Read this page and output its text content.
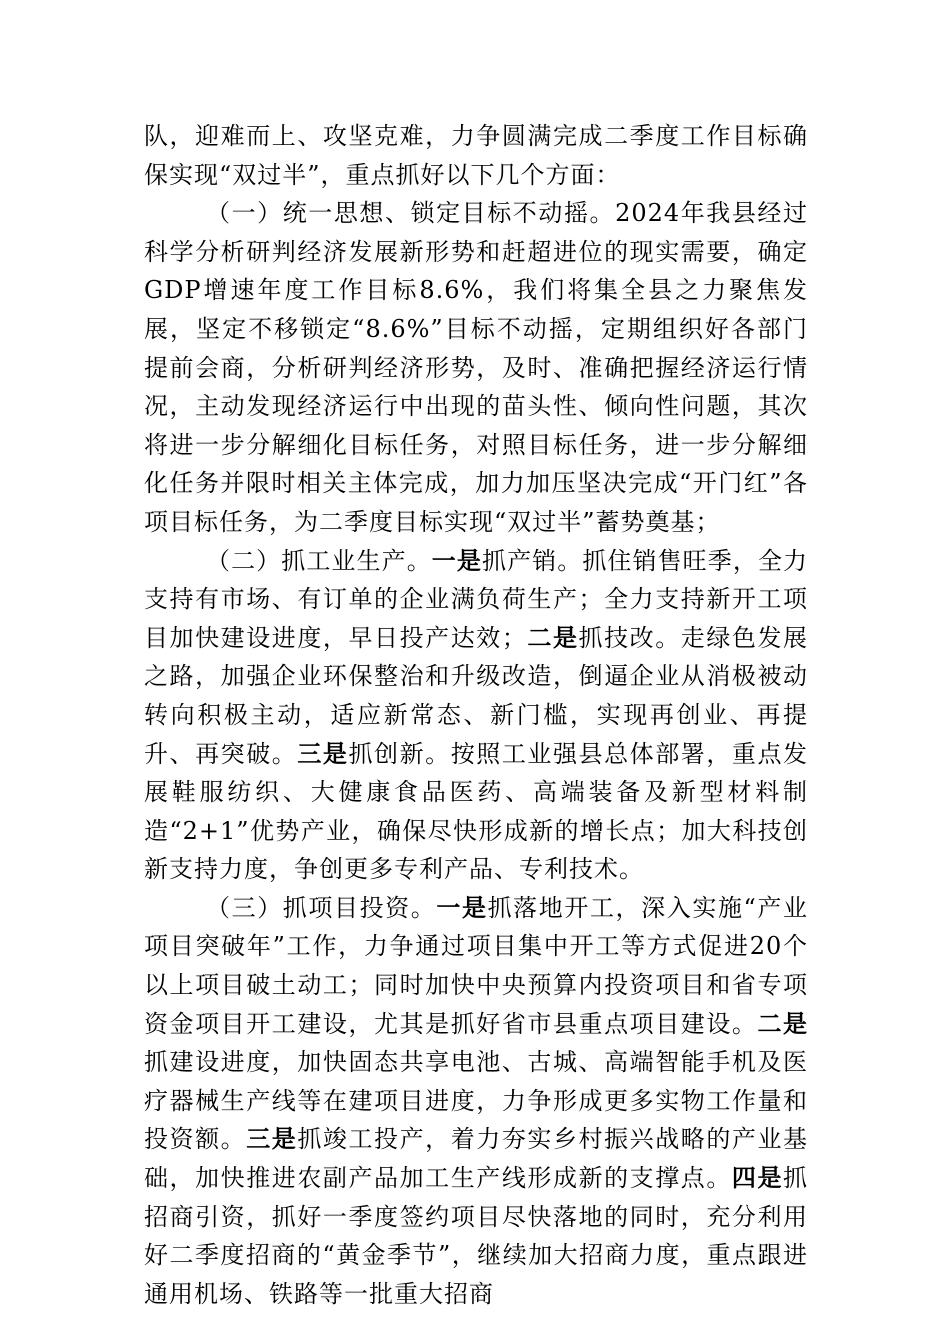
队，迎难而上、攻坚克难，力争圆满完成二季度工作目标确保实现“双过半”，重点抓好以下几个方面：

（一）统一思想、锁定目标不动摇。2024年我县经过科学分析研判经济发展新形势和赶超进位的现实需要，确定GDP增速年度工作目标8.6%，我们将集全县之力聚焦发展，坚定不移锁定“8.6%”目标不动摇，定期组织好各部门提前会商，分析研判经济形势，及时、准确把握经济运行情况，主动发现经济运行中出现的苗头性、倾向性问题，其次将进一步分解细化目标任务，对照目标任务，进一步分解细化任务并限时相关主体完成，加力加压坚决完成“开门红”各项目标任务，为二季度目标实现“双过半”蓄势奠基；

（二）抓工业生产。一是抓产销。抓住销售旺季，全力支持有市场、有订单的企业满负荷生产；全力支持新开工项目加快建设进度，早日投产达效；二是抓技改。走绿色发展之路，加强企业环保整治和升级改造，倒逼企业从消极被动转向积极主动，适应新常态、新门槛，实现再创业、再提升、再突破。三是抓创新。按照工业强县总体部署，重点发展鞋服纺织、大健康食品医药、高端装备及新型材料制造“2+1”优势产业，确保尽快形成新的增长点；加大科技创新支持力度，争创更多专利产品、专利技术。

（三）抓项目投资。一是抓落地开工，深入实施“产业项目突破年”工作，力争通过项目集中开工等方式促进20个以上项目破土动工；同时加快中央预算内投资项目和省专项资金项目开工建设，尤其是抓好省市县重点项目建设。二是抓建设进度，加快固态共享电池、古城、高端智能手机及医疗器械生产线等在建项目进度，力争形成更多实物工作量和投资额。三是抓竣工投产，着力夯实乡村振兴战略的产业基础，加快推进农副产品加工生产线形成新的支撑点。四是抓招商引资，抓好一季度签约项目尽快落地的同时，充分利用好二季度招商的“黄金季节”，继续加大招商力度，重点跟进通用机场、铁路等一批重大招商
